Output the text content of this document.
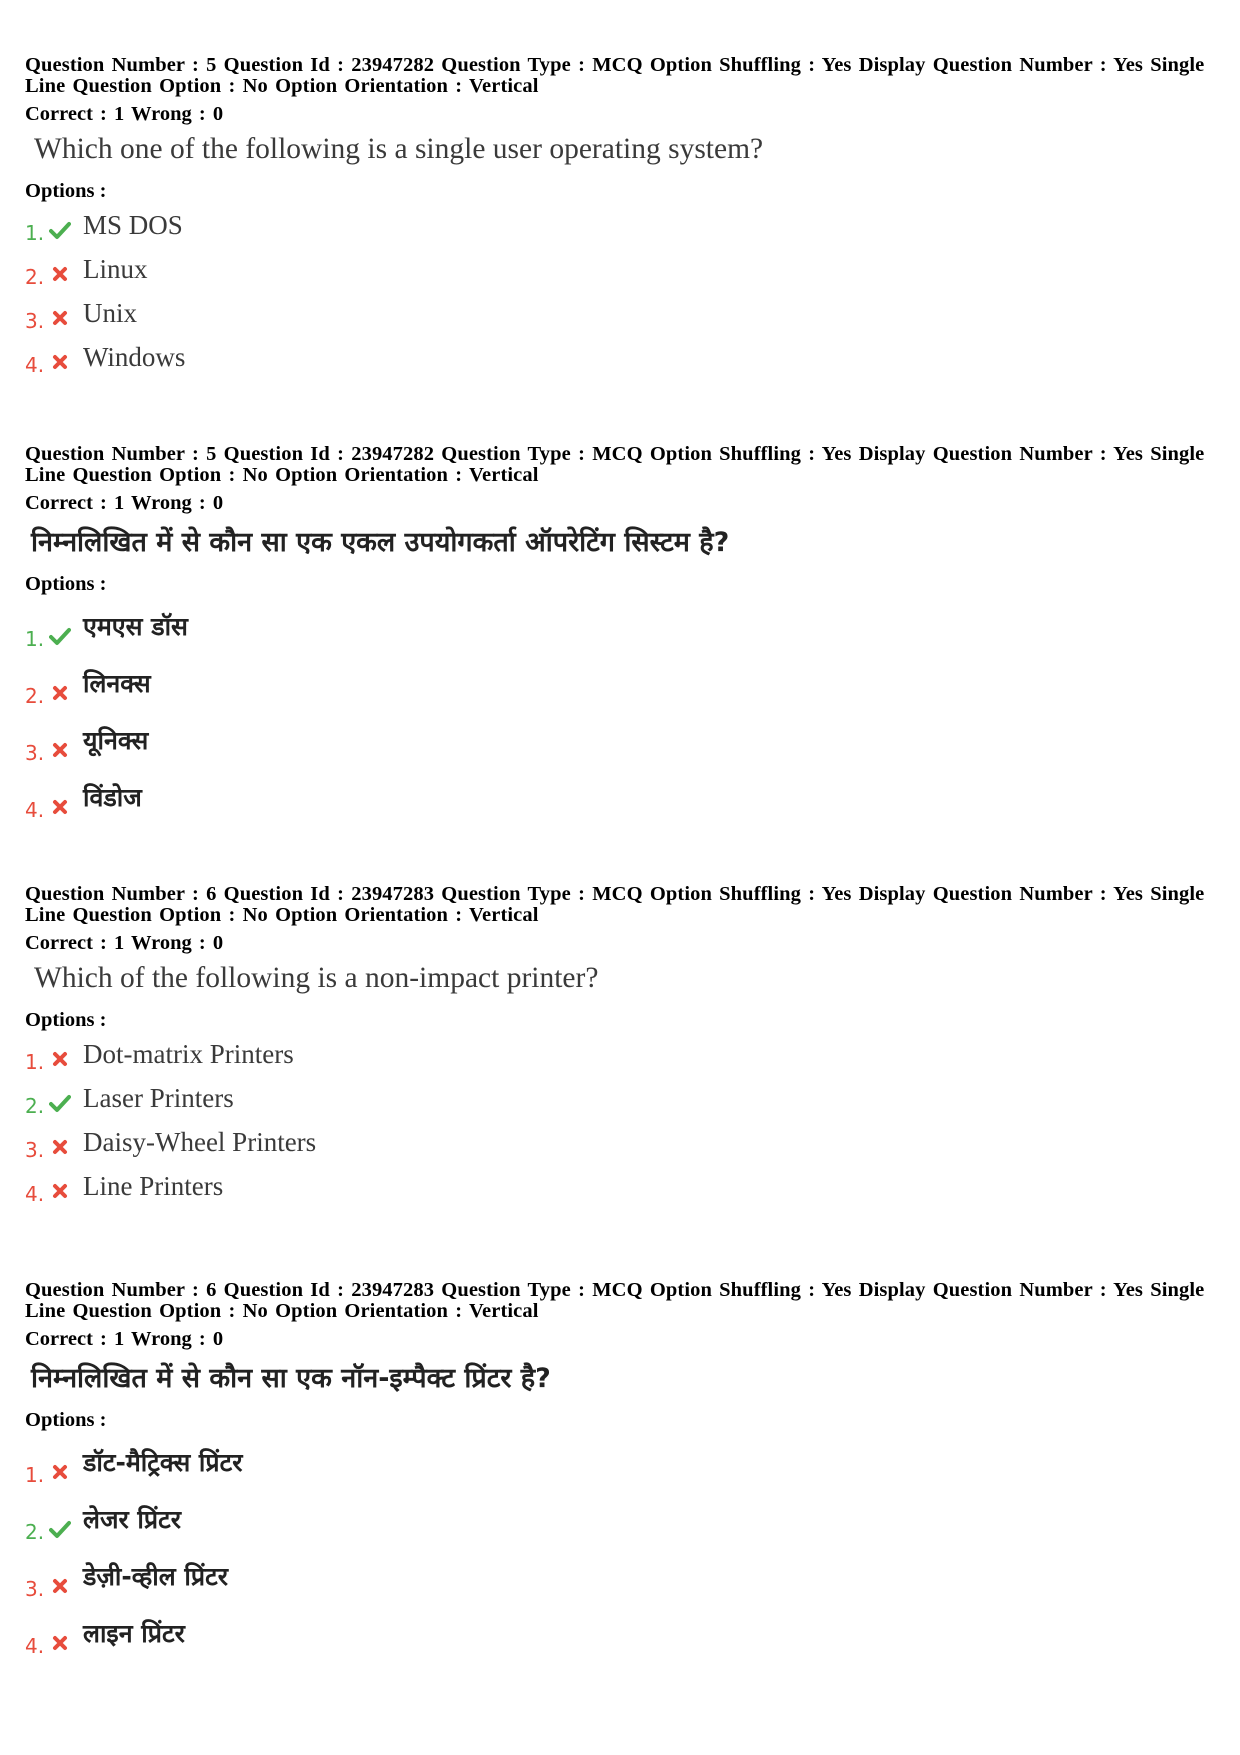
Question Number : 5 Question Id : 23947282 Question Type : MCQ Option Shuffling : Yes Display Question Number : Yes Single Line Question Option : No Option Orientation : Vertical
Correct : 1 Wrong : 0
Which one of the following is a single user operating system?
Options :
1. MS DOS
2. Linux
3. Unix
4. Windows
Question Number : 5 Question Id : 23947282 Question Type : MCQ Option Shuffling : Yes Display Question Number : Yes Single Line Question Option : No Option Orientation : Vertical
Correct : 1 Wrong : 0
निम्नलिखित में से कौन सा एक एकल उपयोगकर्ता ऑपरेटिंग सिस्टम है?
Options :
1. एमएस डॉस
2. लिनक्स
3. यूनिक्स
4. विंडोज
Question Number : 6 Question Id : 23947283 Question Type : MCQ Option Shuffling : Yes Display Question Number : Yes Single Line Question Option : No Option Orientation : Vertical
Correct : 1 Wrong : 0
Which of the following is a non-impact printer?
Options :
1. Dot-matrix Printers
2. Laser Printers
3. Daisy-Wheel Printers
4. Line Printers
Question Number : 6 Question Id : 23947283 Question Type : MCQ Option Shuffling : Yes Display Question Number : Yes Single Line Question Option : No Option Orientation : Vertical
Correct : 1 Wrong : 0
निम्नलिखित में से कौन सा एक नॉन-इम्पैक्ट प्रिंटर है?
Options :
1. डॉट-मैट्रिक्स प्रिंटर
2. लेजर प्रिंटर
3. डेज़ी-व्हील प्रिंटर
4. लाइन प्रिंटर
